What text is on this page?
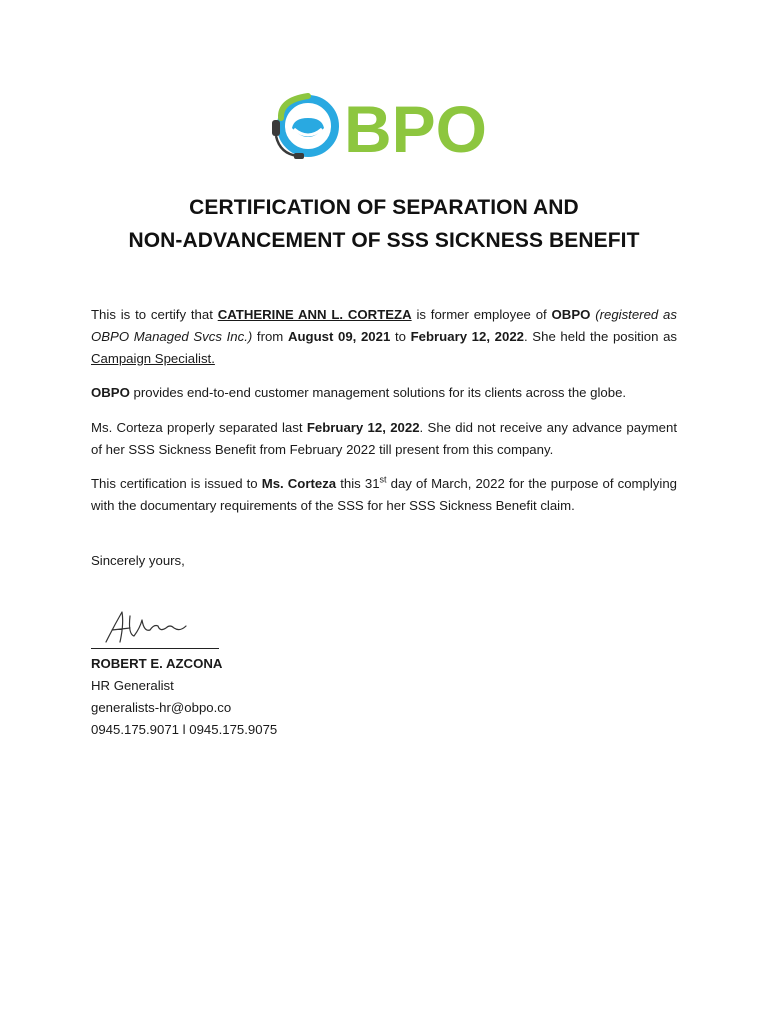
BPO
CERTIFICATION OF SEPARATION AND
NON-ADVANCEMENT OF SSS SICKNESS BENEFIT
This is to certify that CATHERINE ANN L. CORTEZA is former employee of OBPO (registered as OBPO Managed Svcs Inc.) from August 09, 2021 to February 12, 2022. She held the position as Campaign Specialist.
OBPO provides end-to-end customer management solutions for its clients across the globe.
Ms. Corteza properly separated last February 12, 2022. She did not receive any advance payment of her SSS Sickness Benefit from February 2022 till present from this company.
This certification is issued to Ms. Corteza this 31st day of March, 2022 for the purpose of complying with the documentary requirements of the SSS for her SSS Sickness Benefit claim.
Sincerely yours,
ROBERT E. AZCONA
HR Generalist
generalists-hr@obpo.co
0945.175.9071 l 0945.175.9075
